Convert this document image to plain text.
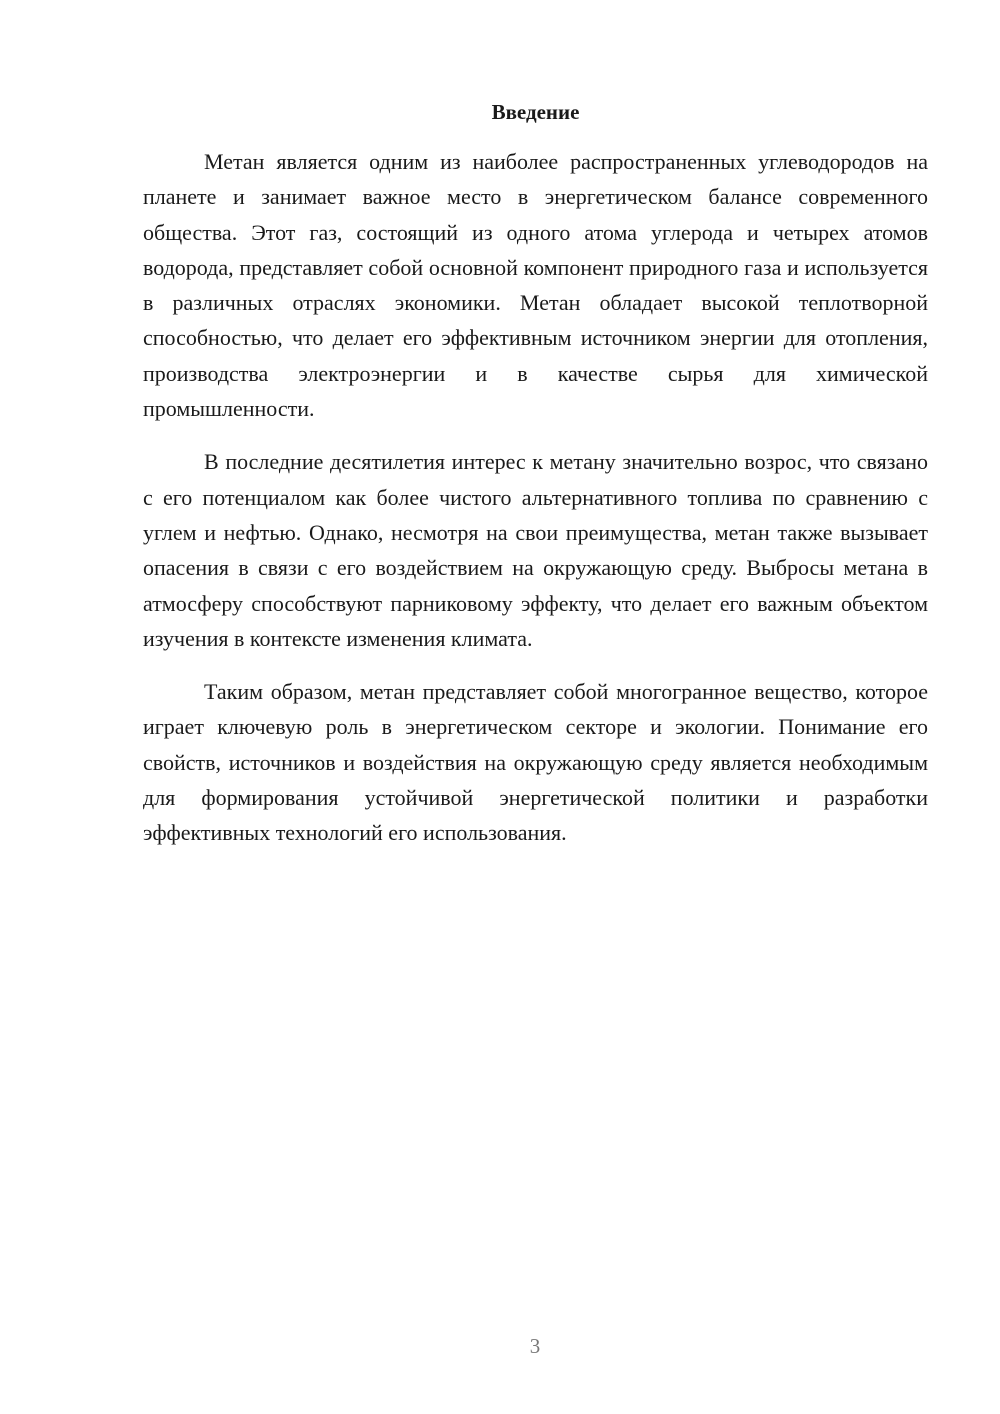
Введение

Метан является одним из наиболее распространенных углеводородов на планете и занимает важное место в энергетическом балансе современного общества. Этот газ, состоящий из одного атома углерода и четырех атомов водорода, представляет собой основной компонент природного газа и используется в различных отраслях экономики. Метан обладает высокой теплотворной способностью, что делает его эффективным источником энергии для отопления, производства электроэнергии и в качестве сырья для химической промышленности.

В последние десятилетия интерес к метану значительно возрос, что связано с его потенциалом как более чистого альтернативного топлива по сравнению с углем и нефтью. Однако, несмотря на свои преимущества, метан также вызывает опасения в связи с его воздействием на окружающую среду. Выбросы метана в атмосферу способствуют парниковому эффекту, что делает его важным объектом изучения в контексте изменения климата.

Таким образом, метан представляет собой многогранное вещество, которое играет ключевую роль в энергетическом секторе и экологии. Понимание его свойств, источников и воздействия на окружающую среду является необходимым для формирования устойчивой энергетической политики и разработки эффективных технологий его использования.

3
